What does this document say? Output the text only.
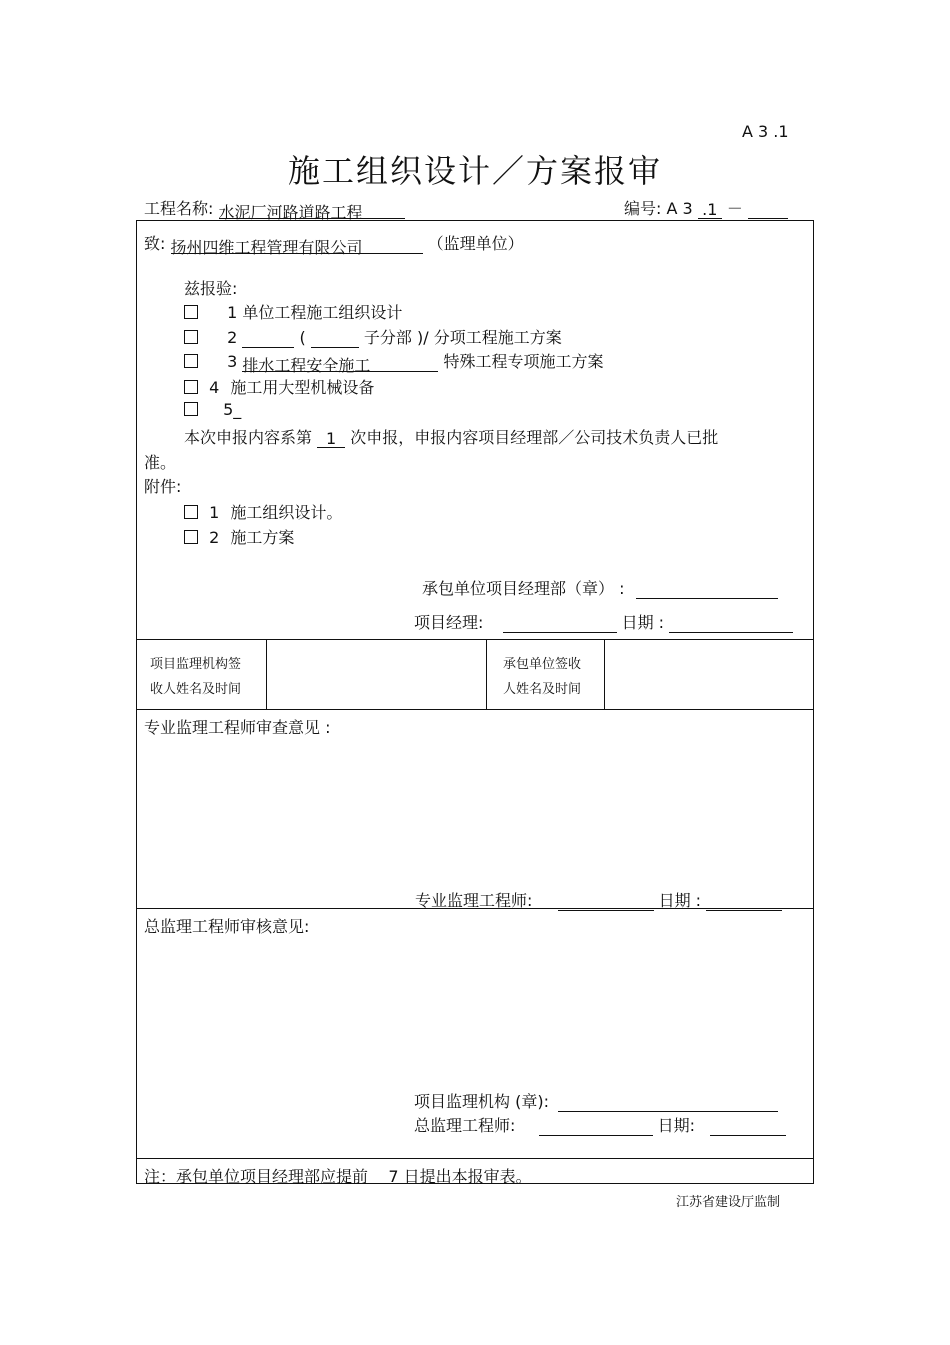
A 3 .1
施工组织设计／方案报审
工程名称: 水泥厂河路道路工程	编号: A 3 .1 －
致: 扬州四维工程管理有限公司	（监理单位）
兹报验:
1 单位工程施工组织设计
2	(	子分部 )/ 分项工程施工方案
3 排水工程安全施工	特殊工程专项施工方案
4 施工用大型机械设备
5_
本次申报内容系第 1 次申报，申报内容项目经理部／公司技术负责人已批
准。
附件:
1 施工组织设计。
2 施工方案
承包单位项目经理部（章） :
项目经理:	日期 :
项目监理机构签
收人姓名及时间
承包单位签收
人姓名及时间
专业监理工程师审查意见 :
专业监理工程师:	日期 :
总监理工程师审核意见:
项目监理机构 (章):
总监理工程师:	日期:
注：承包单位项目经理部应提前    7 日提出本报审表。
江苏省建设厅监制
